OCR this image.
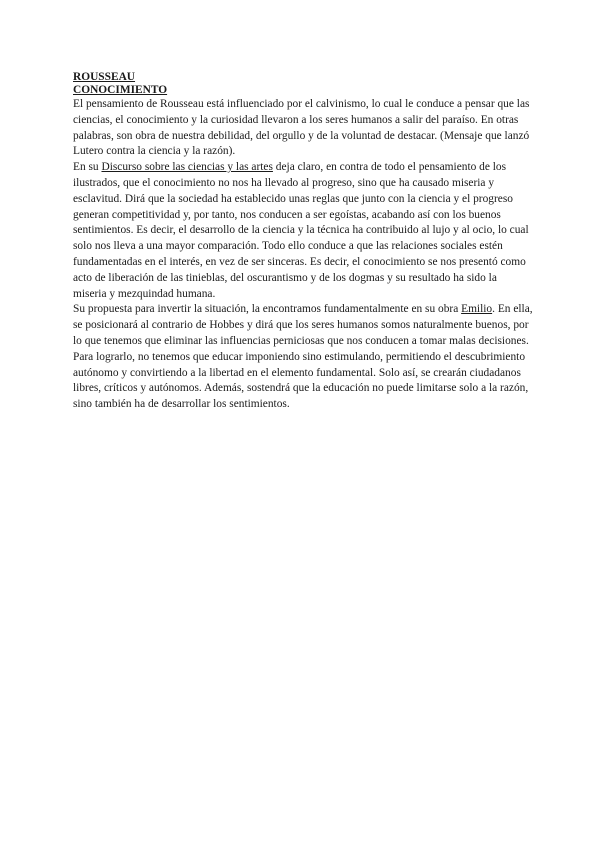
ROUSSEAU

CONOCIMIENTO

El pensamiento de Rousseau está influenciado por el calvinismo, lo cual le conduce a pensar que las ciencias, el conocimiento y la curiosidad llevaron a los seres humanos a salir del paraíso. En otras palabras, son obra de nuestra debilidad, del orgullo y de la voluntad de destacar. (Mensaje que lanzó Lutero contra la ciencia y la razón).

En su Discurso sobre las ciencias y las artes deja claro, en contra de todo el pensamiento de los ilustrados, que el conocimiento no nos ha llevado al progreso, sino que ha causado miseria y esclavitud. Dirá que la sociedad ha establecido unas reglas que junto con la ciencia y el progreso generan competitividad y, por tanto, nos conducen a ser egoístas, acabando así con los buenos sentimientos. Es decir, el desarrollo de la ciencia y la técnica ha contribuido al lujo y al ocio, lo cual solo nos lleva a una mayor comparación. Todo ello conduce a que las relaciones sociales estén fundamentadas en el interés, en vez de ser sinceras. Es decir, el conocimiento se nos presentó como acto de liberación de las tinieblas, del oscurantismo y de los dogmas y su resultado ha sido la miseria y mezquindad humana.

Su propuesta para invertir la situación, la encontramos fundamentalmente en su obra Emilio. En ella, se posicionará al contrario de Hobbes y dirá que los seres humanos somos naturalmente buenos, por lo que tenemos que eliminar las influencias perniciosas que nos conducen a tomar malas decisiones. Para lograrlo, no tenemos que educar imponiendo sino estimulando, permitiendo el descubrimiento autónomo y convirtiendo a la libertad en el elemento fundamental. Solo así, se crearán ciudadanos libres, críticos y autónomos. Además, sostendrá que la educación no puede limitarse solo a la razón, sino también ha de desarrollar los sentimientos.
